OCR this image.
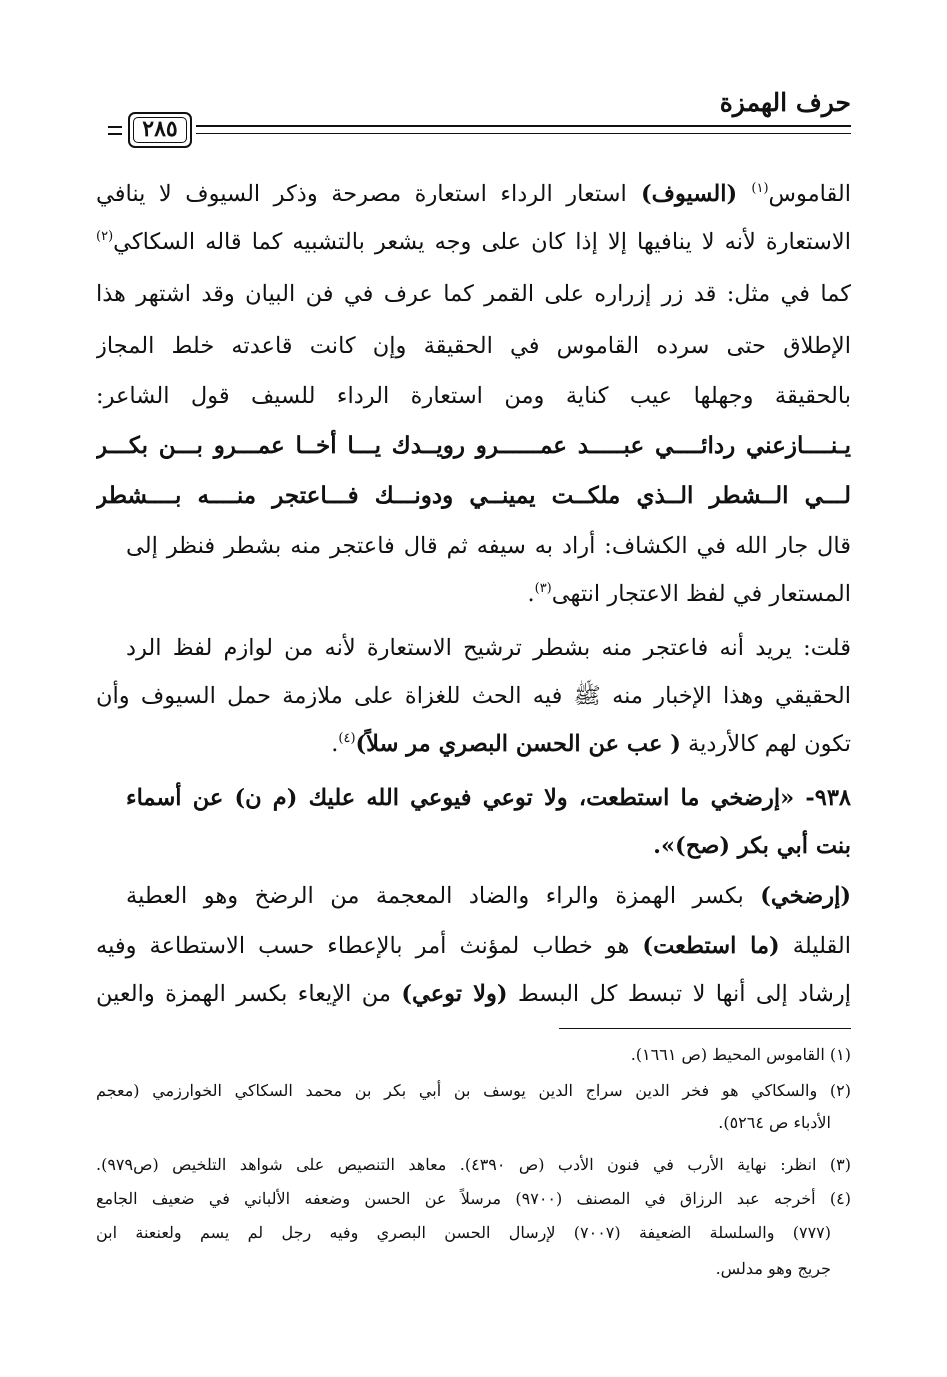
حرف الهمزة
٢٨٥
القاموس$^{(١)}$ (السيوف) استعار الرداء استعارة مصرحة وذكر السيوف لا ينافي
الاستعارة لأنه لا ينافيها إلا إذا كان على وجه يشعر بالتشبيه كما قاله السكاكي$^{(٢)}$
كما في مثل: قد زر إزراره على القمر كما عرف في فن البيان وقد اشتهر هذا
الإطلاق حتى سرده القاموس في الحقيقة وإن كانت قاعدته خلط المجاز
بالحقيقة وجهلها عيب كناية ومن استعارة الرداء للسيف قول الشاعر:
يـنــــازعني ردائــــي عبـــــد عمــــــرو رويــدك يـــا أخــا عمـــرو بـــن بكـــر
لـــي الــشطر الــذي ملكــت يمينــي ودونـــك فـــاعتجر منــــه بــــشطر
قال جار الله في الكشاف: أراد به سيفه ثم قال فاعتجر منه بشطر فنظر إلى
المستعار في لفظ الاعتجار انتهى$^{(٣)}$.
قلت: يريد أنه فاعتجر منه بشطر ترشيح الاستعارة لأنه من لوازم لفظ الرد
الحقيقي وهذا الإخبار منه ﷺ فيه الحث للغزاة على ملازمة حمل السيوف وأن
تكون لهم كالأردية ( عب عن الحسن البصري مر سلاً)$^{(٤)}$.
٩٣٨- «إرضخي ما استطعت، ولا توعي فيوعي الله عليك (م ن) عن أسماء
بنت أبي بكر (صح)».
(إرضخي) بكسر الهمزة والراء والضاد المعجمة من الرضخ وهو العطية
القليلة (ما استطعت) هو خطاب لمؤنث أمر بالإعطاء حسب الاستطاعة وفيه
إرشاد إلى أنها لا تبسط كل البسط (ولا توعي) من الإيعاء بكسر الهمزة والعين
(١) القاموس المحيط (ص ١٦٦١).
(٢) والسكاكي هو فخر الدين سراج الدين يوسف بن أبي بكر بن محمد السكاكي الخوارزمي (معجم
الأدباء ص ٥٢٦٤).
(٣) انظر: نهاية الأرب في فنون الأدب (ص ٤٣٩٠). معاهد التنصيص على شواهد التلخيص (ص٩٧٩).
(٤) أخرجه عبد الرزاق في المصنف (٩٧٠٠) مرسلاً عن الحسن وضعفه الألباني في ضعيف الجامع
(٧٧٧) والسلسلة الضعيفة (٧٠٠٧) لإرسال الحسن البصري وفيه رجل لم يسم ولعنعنة ابن
جريج وهو مدلس.
